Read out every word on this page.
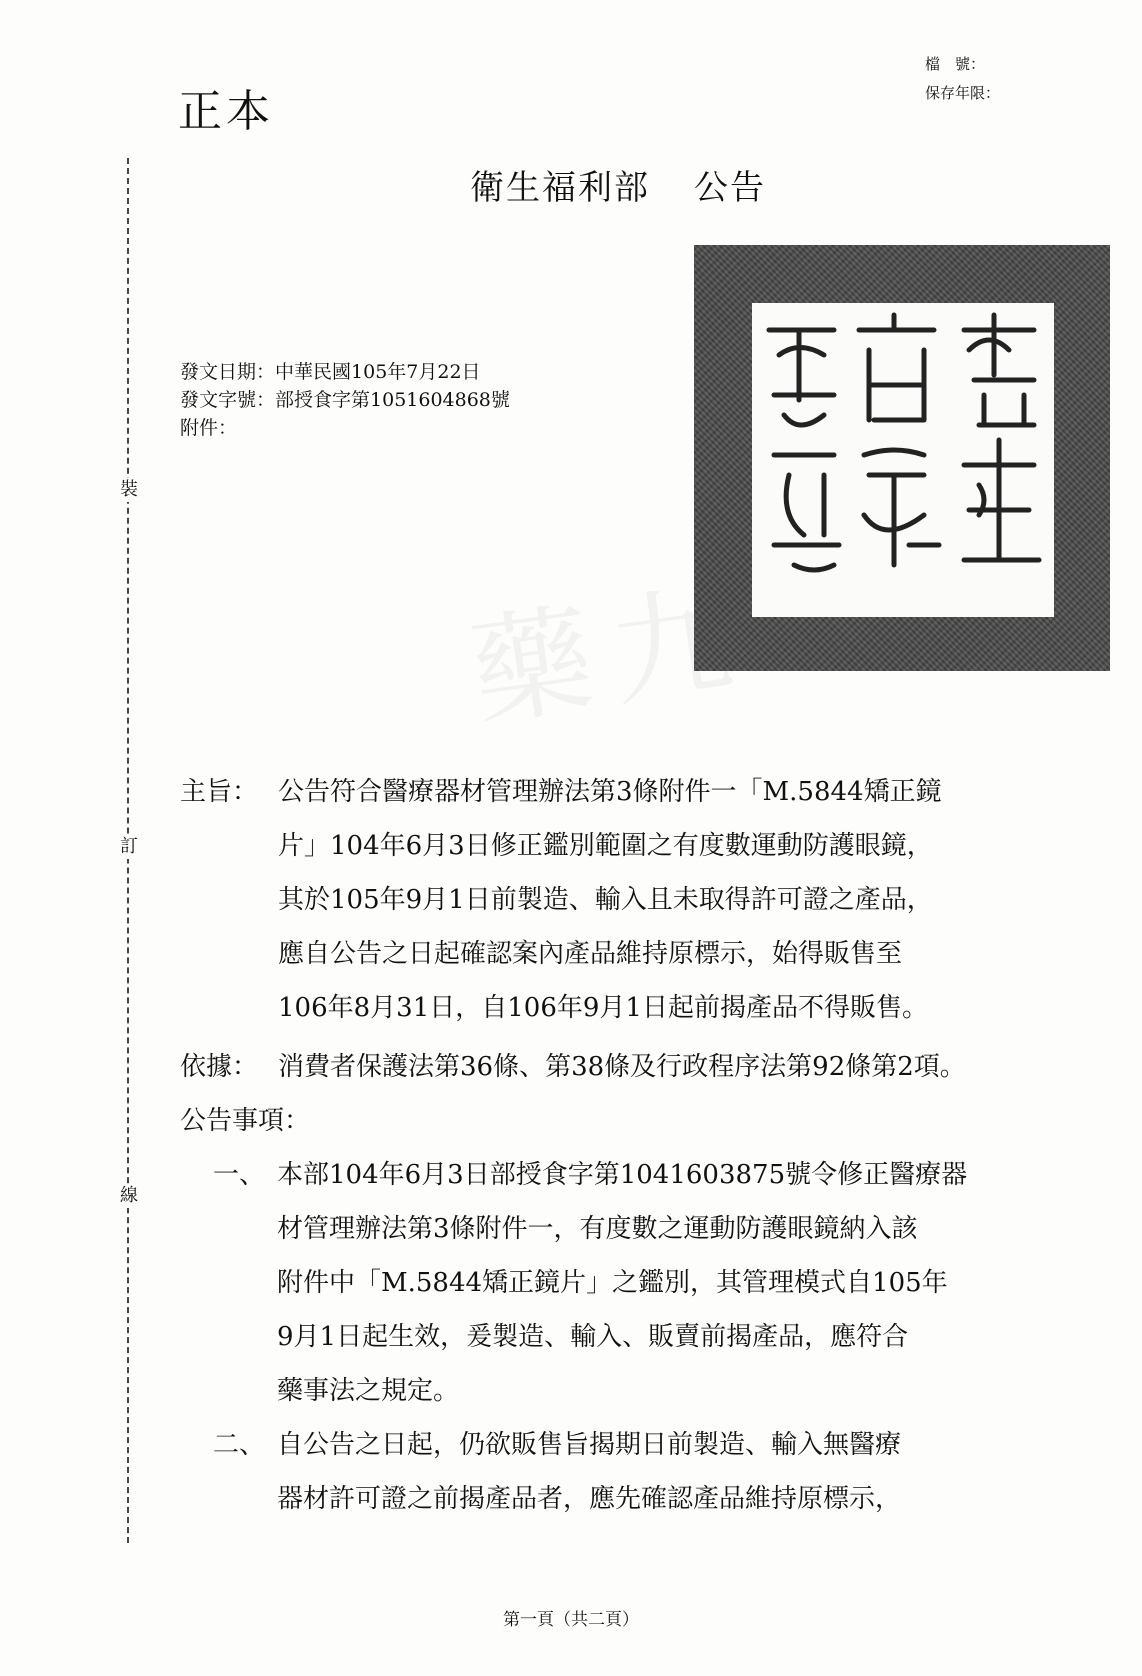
正本
檔　號：
保存年限：
衛生福利部 公告
發文日期：中華民國105年7月22日
發文字號：部授食字第1051604868號
附件：
裝
訂
線
主旨： 公告符合醫療器材管理辦法第3條附件一「M.5844矯正鏡
片」104年6月3日修正鑑別範圍之有度數運動防護眼鏡，
其於105年9月1日前製造、輸入且未取得許可證之產品，
應自公告之日起確認案內產品維持原標示，始得販售至
106年8月31日，自106年9月1日起前揭產品不得販售。
依據： 消費者保護法第36條、第38條及行政程序法第92條第2項。
公告事項：
一、 本部104年6月3日部授食字第1041603875號令修正醫療器
材管理辦法第3條附件一，有度數之運動防護眼鏡納入該
附件中「M.5844矯正鏡片」之鑑別，其管理模式自105年
9月1日起生效，爰製造、輸入、販賣前揭產品，應符合
藥事法之規定。
二、 自公告之日起，仍欲販售旨揭期日前製造、輸入無醫療
器材許可證之前揭產品者，應先確認產品維持原標示，
第一頁（共二頁）
